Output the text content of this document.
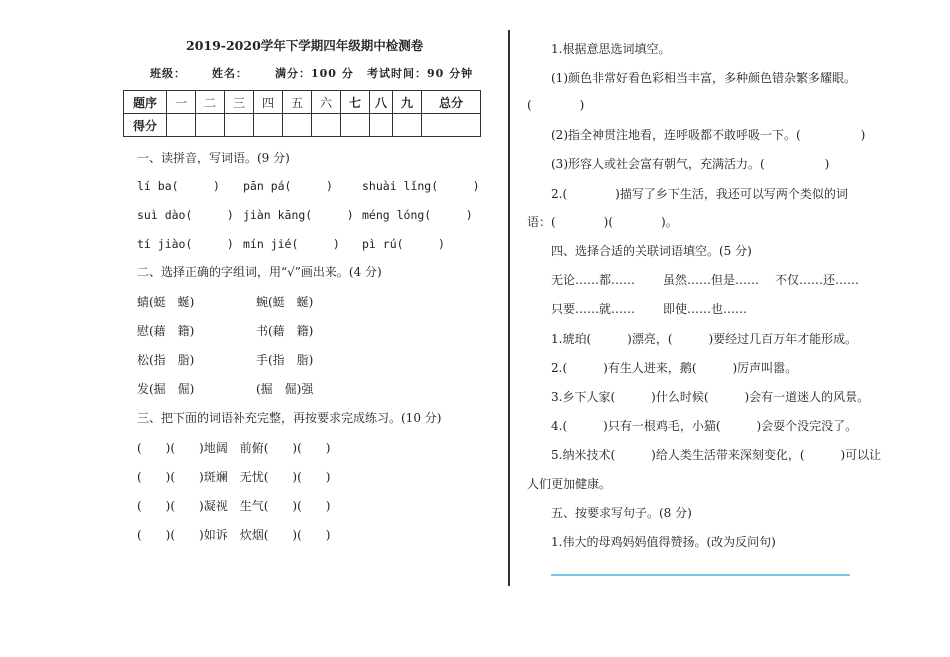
2019-2020学年下学期四年级期中检测卷
班级： 姓名： 满分：100 分 考试时间：90 分钟
题序	一	二	三	四	五	六	七	八	九	总分
得分										
一、读拼音，写词语。(9 分)
lí ba(　　　) pān pá(　　　)	shuài lǐng(　　　)
suì dào(　　　) jiàn kāng(　　　) méng lóng(　　　)
tí jiào(　　　) mín jié(　　　) pì rú(　　　)
二、选择正确的字组词，用“√”画出来。(4 分)
蜻(蜓　蜒)	蜿(蜓　蜒)
慰(藉　籍)	书(藉　籍)
松(指　脂)	手(指　脂)
发(掘　倔)	(掘　倔)强
三、把下面的词语补充完整，再按要求完成练习。(10 分)
(　　)(　　)地阔　前俯(　　)(　　)
(　　)(　　)斑斓　无忧(　　)(　　)
(　　)(　　)凝视　生气(　　)(　　)
(　　)(　　)如诉　炊烟(　　)(　　)
1.根据意思选词填空。
(1)颜色非常好看色彩相当丰富，多种颜色错杂繁多耀眼。
(　　　　)
(2)指全神贯注地看，连呼吸都不敢呼吸一下。(　　　　　)
(3)形容人或社会富有朝气，充满活力。(　　　　　)
2.(　　　　)描写了乡下生活，我还可以写两个类似的词
语：(　　　　)(　　　　)。
四、选择合适的关联词语填空。(5 分)
无论……都…… 虽然……但是…… 不仅……还……
只要……就…… 即使……也……
1.琥珀(　　　)漂亮，(　　　)要经过几百万年才能形成。
2.(　　　)有生人进来，鹅(　　　)厉声叫嚣。
3.乡下人家(　　　)什么时候(　　　)会有一道迷人的风景。
4.(　　　)只有一根鸡毛，小猫(　　　)会耍个没完没了。
5.纳米技术(　　　)给人类生活带来深刻变化，(　　　)可以让
人们更加健康。
五、按要求写句子。(8 分)
1.伟大的母鸡妈妈值得赞扬。(改为反问句)
